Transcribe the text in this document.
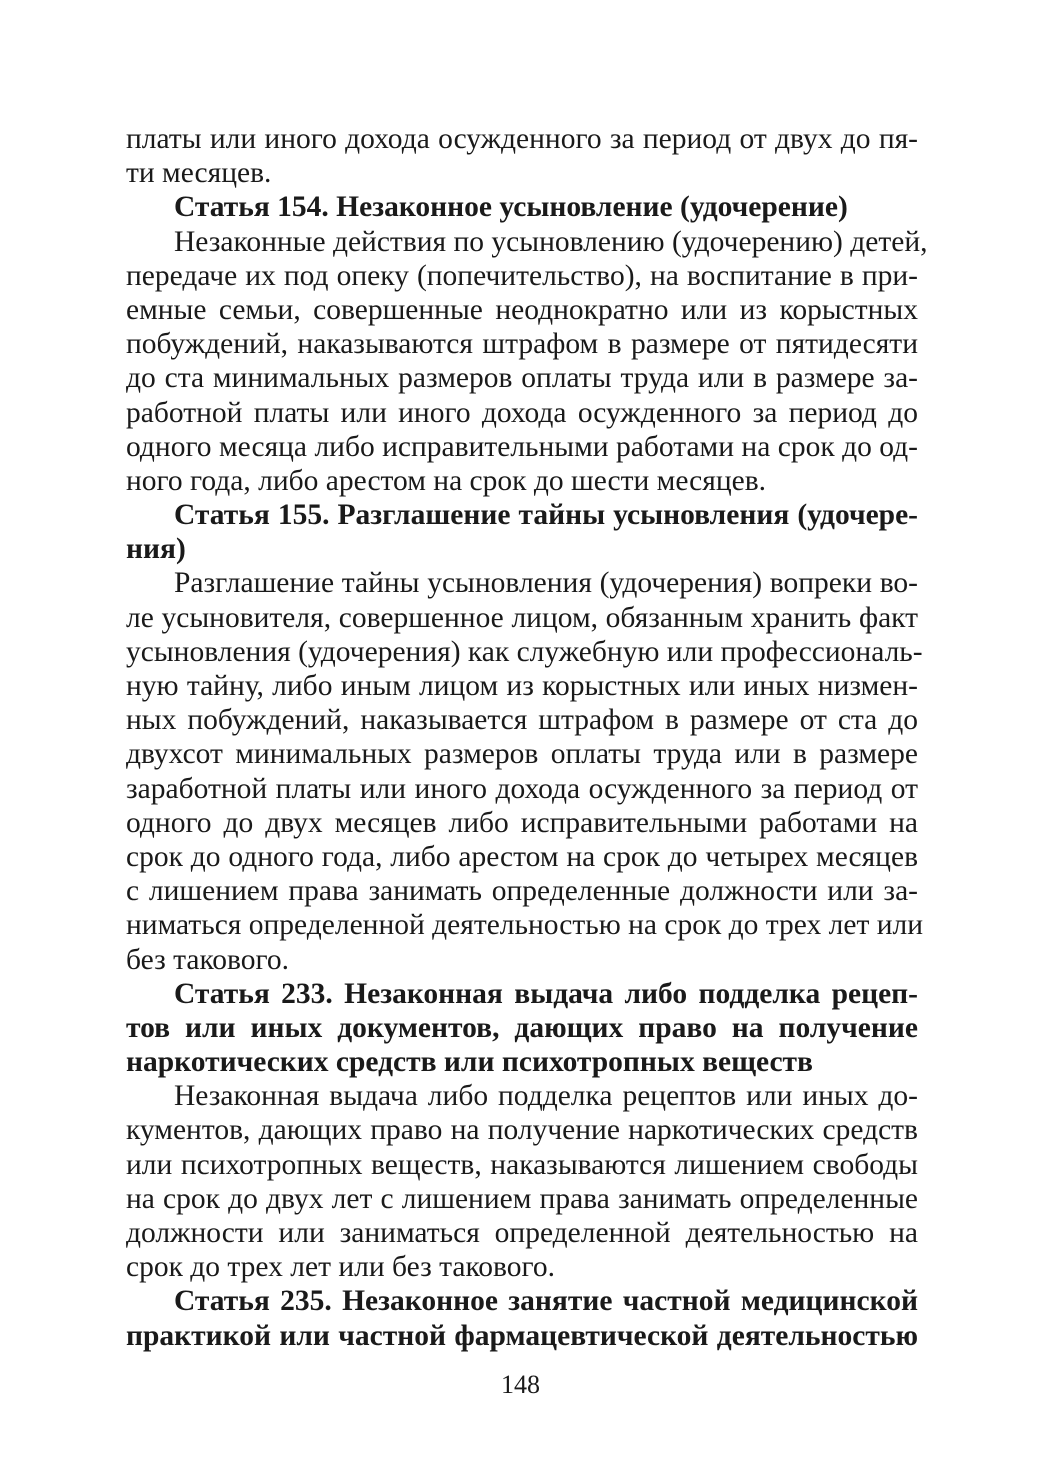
платы или иного дохода осужденного за период от двух до пя-
ти месяцев.
Статья 154. Незаконное усыновление (удочерение)
Незаконные действия по усыновлению (удочерению) детей,
передаче их под опеку (попечительство), на воспитание в при-
емные семьи, совершенные неоднократно или из корыстных
побуждений, наказываются штрафом в размере от пятидесяти
до ста минимальных размеров оплаты труда или в размере за-
работной платы или иного дохода осужденного за период до
одного месяца либо исправительными работами на срок до од-
ного года, либо арестом на срок до шести месяцев.
Статья 155. Разглашение тайны усыновления (удочере-
ния)
Разглашение тайны усыновления (удочерения) вопреки во-
ле усыновителя, совершенное лицом, обязанным хранить факт
усыновления (удочерения) как служебную или профессиональ-
ную тайну, либо иным лицом из корыстных или иных низмен-
ных побуждений, наказывается штрафом в размере от ста до
двухсот минимальных размеров оплаты труда или в размере
заработной платы или иного дохода осужденного за период от
одного до двух месяцев либо исправительными работами на
срок до одного года, либо арестом на срок до четырех месяцев
с лишением права занимать определенные должности или за-
ниматься определенной деятельностью на срок до трех лет или
без такового.
Статья 233. Незаконная выдача либо подделка рецеп-
тов или иных документов, дающих право на получение
наркотических средств или психотропных веществ
Незаконная выдача либо подделка рецептов или иных до-
кументов, дающих право на получение наркотических средств
или психотропных веществ, наказываются лишением свободы
на срок до двух лет с лишением права занимать определенные
должности или заниматься определенной деятельностью на
срок до трех лет или без такового.
Статья 235. Незаконное занятие частной медицинской
практикой или частной фармацевтической деятельностью
148
